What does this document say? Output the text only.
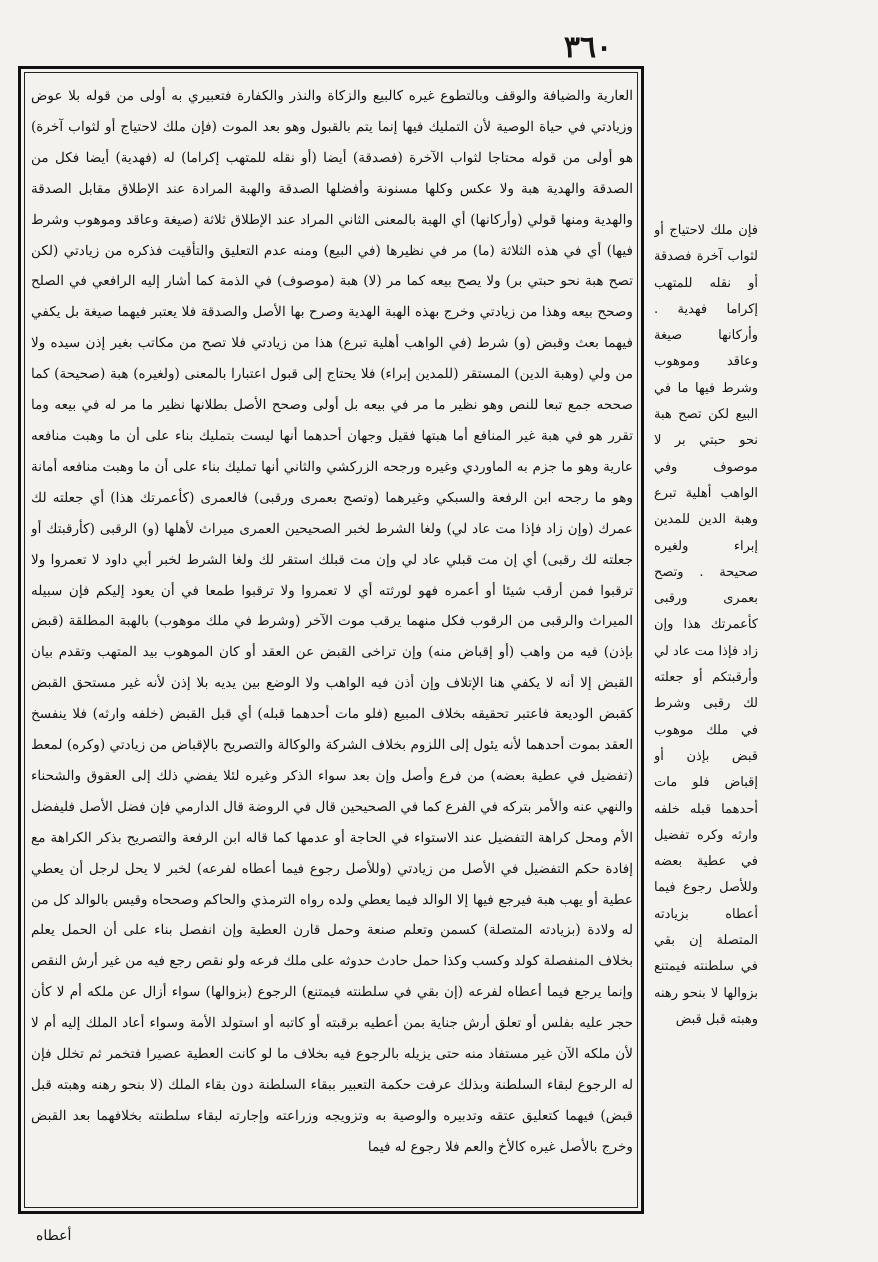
٣٦٠
العارية والضيافة والوقف وبالتطوع غيره كالبيع والزكاة والنذر والكفارة فتعبيري به أولى من قوله بلا عوض وزيادتي في حياة الوصية لأن التمليك فيها إنما يتم بالقبول وهو بعد الموت (فإن ملك لاحتياج أو لثواب آخرة) هو أولى من قوله محتاجا لثواب الآخرة (فصدقة) أيضا (أو نقله للمتهب إكراما) له (فهدية) أيضا فكل من الصدقة والهدية هبة ولا عكس وكلها مسنونة وأفضلها الصدقة والهبة المرادة عند الإطلاق مقابل الصدقة والهدية ومنها قولي (وأركانها) أي الهبة بالمعنى الثاني المراد عند الإطلاق ثلاثة (صيغة وعاقد وموهوب وشرط فيها) أي في هذه الثلاثة (ما) مر في نظيرها (في البيع) ومنه عدم التعليق والتأقيت فذكره من زيادتي (لكن تصح هبة نحو حبتي بر) ولا يصح بيعه كما مر (لا) هبة (موصوف) في الذمة كما أشار إليه الرافعي في الصلح وصحح بيعه وهذا من زيادتي وخرج بهذه الهبة الهدية وصرح بها الأصل والصدقة فلا يعتبر فيهما صيغة بل يكفي فيهما بعث وقبض (و) شرط (في الواهب أهلية تبرع) هذا من زيادتي فلا تصح من مكاتب بغير إذن سيده ولا من ولي (وهبة الدين) المستقر (للمدين إبراء) فلا يحتاج إلى قبول اعتبارا بالمعنى (ولغيره) هبة (صحيحة) كما صححه جمع تبعا للنص وهو نظير ما مر في بيعه بل أولى وصحح الأصل بطلانها نظير ما مر له في بيعه وما تقرر هو في هبة غير المنافع أما هبتها فقيل وجهان أحدهما أنها ليست بتمليك بناء على أن ما وهبت منافعه عارية وهو ما جزم به الماوردي وغيره ورجحه الزركشي والثاني أنها تمليك بناء على أن ما وهبت منافعه أمانة وهو ما رجحه ابن الرفعة والسبكي وغيرهما (وتصح بعمرى ورقبى) فالعمرى (كأعمرتك هذا) أي جعلته لك عمرك (وإن زاد فإذا مت عاد لي) ولغا الشرط لخبر الصحيحين العمرى ميراث لأهلها (و) الرقبى (كأرقبتك أو جعلته لك رقبى) أي إن مت قبلي عاد لي وإن مت قبلك استقر لك ولغا الشرط لخبر أبي داود لا تعمروا ولا ترقبوا فمن أرقب شيئا أو أعمره فهو لورثته أي لا تعمروا ولا ترقبوا طمعا في أن يعود إليكم فإن سبيله الميراث والرقبى من الرقوب فكل منهما يرقب موت الآخر (وشرط في ملك موهوب) بالهبة المطلقة (قبض بإذن) فيه من واهب (أو إقباض منه) وإن تراخى القبض عن العقد أو كان الموهوب بيد المتهب وتقدم بيان القبض إلا أنه لا يكفي هنا الإتلاف وإن أذن فيه الواهب ولا الوضع بين يديه بلا إذن لأنه غير مستحق القبض كقبض الوديعة فاعتبر تحقيقه بخلاف المبيع (فلو مات أحدهما قبله) أي قبل القبض (خلفه وارثه) فلا ينفسخ العقد بموت أحدهما لأنه يئول إلى اللزوم بخلاف الشركة والوكالة والتصريح بالإقباض من زيادتي (وكره) لمعط (تفضيل في عطية بعضه) من فرع وأصل وإن بعد سواء الذكر وغيره لئلا يفضي ذلك إلى العقوق والشحناء والنهي عنه والأمر بتركه في الفرع كما في الصحيحين قال في الروضة قال الدارمي فإن فضل الأصل فليفضل الأم ومحل كراهة التفضيل عند الاستواء في الحاجة أو عدمها كما قاله ابن الرفعة والتصريح بذكر الكراهة مع إفادة حكم التفضيل في الأصل من زيادتي (وللأصل رجوع فيما أعطاه لفرعه) لخبر لا يحل لرجل أن يعطي عطية أو يهب هبة فيرجع فيها إلا الوالد فيما يعطي ولده رواه الترمذي والحاكم وصححاه وقيس بالوالد كل من له ولادة (بزيادته المتصلة) كسمن وتعلم صنعة وحمل قارن العطية وإن انفصل بناء على أن الحمل يعلم بخلاف المنفصلة كولد وكسب وكذا حمل حادث حدوثه على ملك فرعه ولو نقص رجع فيه من غير أرش النقص وإنما يرجع فيما أعطاه لفرعه (إن بقي في سلطنته فيمتنع) الرجوع (بزوالها) سواء أزال عن ملكه أم لا كأن حجر عليه بفلس أو تعلق أرش جناية بمن أعطيه برقبته أو كاتبه أو استولد الأمة وسواء أعاد الملك إليه أم لا لأن ملكه الآن غير مستفاد منه حتى يزيله بالرجوع فيه بخلاف ما لو كانت العطية عصيرا فتخمر ثم تخلل فإن له الرجوع لبقاء السلطنة وبذلك عرفت حكمة التعبير ببقاء السلطنة دون بقاء الملك (لا بنحو رهنه وهبته قبل قبض) فيهما كتعليق عتقه وتدبيره والوصية به وتزويجه وزراعته وإجارته لبقاء سلطنته بخلافهما بعد القبض وخرج بالأصل غيره كالأخ والعم فلا رجوع له فيما
فإن ملك لاحتياج أو لثواب آخرة فصدقة أو نقله للمتهب إكراما فهدية . وأركانها صيغة وعاقد وموهوب وشرط فيها ما في البيع لكن تصح هبة نحو حبتي بر لا موصوف وفي الواهب أهلية تبرع وهبة الدين للمدين إبراء ولغيره صحيحة . وتصح بعمرى ورقبى كأعمرتك هذا وإن زاد فإذا مت عاد لي وأرقبتكم أو جعلته لك رقبى وشرط في ملك موهوب قبض بإذن أو إقباض فلو مات أحدهما قبله خلفه وارثه وكره تفضيل في عطية بعضه وللأصل رجوع فيما أعطاه بزيادته المتصلة إن بقي في سلطنته فيمتنع بزوالها لا بنحو رهنه وهبته قبل قبض
أعطاه
